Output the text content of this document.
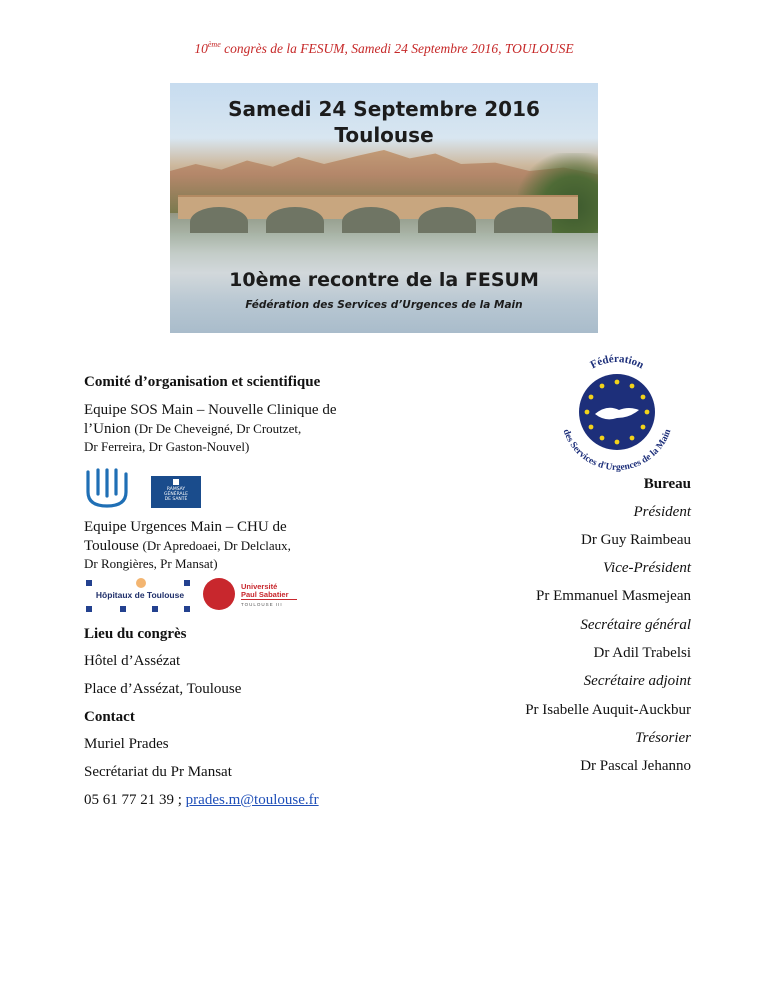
10ème congrès de la FESUM, Samedi 24 Septembre 2016, TOULOUSE
Samedi 24 Septembre 2016
Toulouse
10ème recontre de la FESUM
Fédération des Services d’Urgences de la Main
Fédération
des Services d'Urgences de la Main
Comité d’organisation et scientifique
Equipe SOS Main – Nouvelle Clinique de
l’Union (Dr De Cheveigné, Dr Croutzet,
Dr Ferreira, Dr Gaston-Nouvel)
RAMSAY
GÉNÉRALE
DE SANTÉ
Equipe Urgences Main – CHU de
Toulouse (Dr Apredoaei, Dr Delclaux,
Dr Rongières, Pr Mansat)
Hôpitaux de Toulouse
Université
Paul Sabatier
TOULOUSE III
Lieu du congrès
Hôtel d’Assézat
Place d’Assézat, Toulouse
Contact
Muriel Prades
Secrétariat du Pr Mansat
05 61 77 21 39 ; prades.m@toulouse.fr
Bureau
Président
Dr Guy Raimbeau
Vice-Président
Pr Emmanuel Masmejean
Secrétaire général
Dr Adil Trabelsi
Secrétaire adjoint
Pr Isabelle Auquit-Auckbur
Trésorier
Dr Pascal Jehanno
